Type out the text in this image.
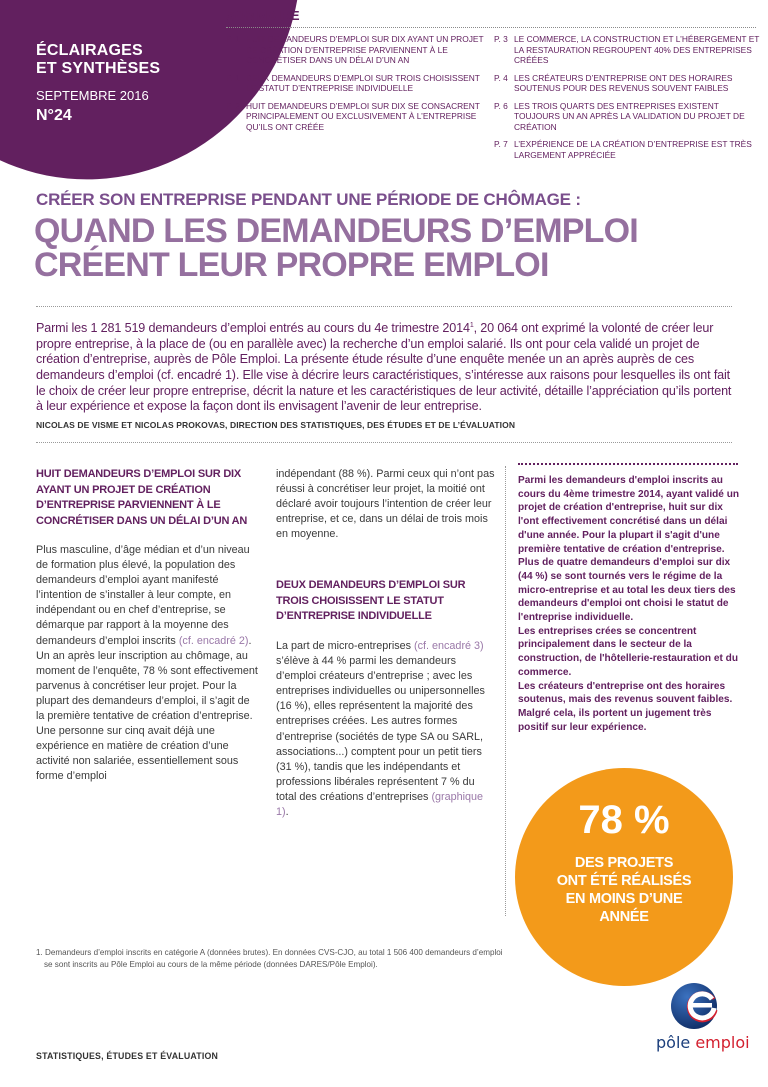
ÉCLAIRAGES
ET SYNTHÈSES
SEPTEMBRE 2016
N°24
SOMMAIRE
P. 1 HUIT DEMANDEURS D’EMPLOI SUR DIX AYANT UN PROJET DE CRÉATION D’ENTREPRISE PARVIENNENT À LE CONCRÉTISER DANS UN DÉLAI D’UN AN
P. 1 DEUX DEMANDEURS D’EMPLOI SUR TROIS CHOISISSENT LE STATUT D’ENTREPRISE INDIVIDUELLE
P. 2 HUIT DEMANDEURS D’EMPLOI SUR DIX SE CONSACRENT PRINCIPALEMENT OU EXCLUSIVEMENT À L’ENTREPRISE QU’ILS ONT CRÉÉE
P. 3 LE COMMERCE, LA CONSTRUCTION ET L’HÉBERGEMENT ET LA RESTAURATION REGROUPENT 40% DES ENTREPRISES CRÉÉES
P. 4 LES CRÉATEURS D’ENTREPRISE ONT DES HORAIRES SOUTENUS POUR DES REVENUS SOUVENT FAIBLES
P. 6 LES TROIS QUARTS DES ENTREPRISES EXISTENT TOUJOURS UN AN APRÈS LA VALIDATION DU PROJET DE CRÉATION
P. 7 L’EXPÉRIENCE DE LA CRÉATION D’ENTREPRISE EST TRÈS LARGEMENT APPRÉCIÉE
CRÉER SON ENTREPRISE PENDANT UNE PÉRIODE DE CHÔMAGE :
QUAND LES DEMANDEURS D’EMPLOI
CRÉENT LEUR PROPRE EMPLOI
Parmi les 1 281 519 demandeurs d’emploi entrés au cours du 4e trimestre 2014$^1$, 20 064 ont exprimé la volonté de créer leur propre entreprise, à la place de (ou en parallèle avec) la recherche d’un emploi salarié. Ils ont pour cela validé un projet de création d’entreprise, auprès de Pôle Emploi. La présente étude résulte d’une enquête menée un an après auprès de ces demandeurs d’emploi (cf. encadré 1). Elle vise à décrire leurs caractéristiques, s’intéresse aux raisons pour lesquelles ils ont fait le choix de créer leur propre entreprise, décrit la nature et les caractéristiques de leur activité, détaille l’appréciation qu’ils portent à leur expérience et expose la façon dont ils envisagent l’avenir de leur entreprise.
NICOLAS DE VISME ET NICOLAS PROKOVAS, DIRECTION DES STATISTIQUES, DES ÉTUDES ET DE L’ÉVALUATION
HUIT DEMANDEURS D’EMPLOI SUR DIX AYANT UN PROJET DE CRÉATION D’ENTREPRISE PARVIENNENT À LE CONCRÉTISER DANS UN DÉLAI D’UN AN
Plus masculine, d’âge médian et d’un niveau de formation plus élevé, la population des demandeurs d’emploi ayant manifesté l’intention de s’installer à leur compte, en indépendant ou en chef d’entreprise, se démarque par rapport à la moyenne des demandeurs d’emploi inscrits (cf. encadré 2).
Un an après leur inscription au chômage, au moment de l’enquête, 78 % sont effectivement parvenus à concrétiser leur projet. Pour la plupart des demandeurs d’emploi, il s’agit de la première tentative de création d’entreprise. Une personne sur cinq avait déjà une expérience en matière de création d’une activité non salariée, essentiellement sous forme d’emploi
indépendant (88 %). Parmi ceux qui n’ont pas réussi à concrétiser leur projet, la moitié ont déclaré avoir toujours l’intention de créer leur entreprise, et ce, dans un délai de trois mois en moyenne.
DEUX DEMANDEURS D’EMPLOI SUR TROIS CHOISISSENT LE STATUT D’ENTREPRISE INDIVIDUELLE
La part de micro-entreprises (cf. encadré 3) s’élève à 44 % parmi les demandeurs d’emploi créateurs d’entreprise ; avec les entreprises individuelles ou unipersonnelles (16 %), elles représentent la majorité des entreprises créées. Les autres formes d’entreprise (sociétés de type SA ou SARL, associations...) comptent pour un petit tiers (31 %), tandis que les indépendants et professions libérales représentent 7 % du total des créations d’entreprises (graphique 1).
Parmi les demandeurs d'emploi inscrits au cours du 4ème trimestre 2014, ayant validé un projet de création d'entreprise, huit sur dix l'ont effectivement concrétisé dans un délai d'une année. Pour la plupart il s'agit d'une première tentative de création d'entreprise.
Plus de quatre demandeurs d'emploi sur dix (44 %) se sont tournés vers le régime de la micro-entreprise et au total les deux tiers des demandeurs d'emploi ont choisi le statut de l'entreprise individuelle.
Les entreprises crées se concentrent principalement dans le secteur de la construction, de l'hôtellerie-restauration et du commerce.
Les créateurs d'entreprise ont des horaires soutenus, mais des revenus souvent faibles. Malgré cela, ils portent un jugement très positif sur leur expérience.
78 %
DES PROJETS
ONT ÉTÉ RÉALISÉS
EN MOINS D’UNE
ANNÉE
1. Demandeurs d’emploi inscrits en catégorie A (données brutes). En données CVS-CJO, au total 1 506 400 demandeurs d’emploi se sont inscrits au Pôle Emploi au cours de la même période (données DARES/Pôle Emploi).
STATISTIQUES, ÉTUDES ET ÉVALUATION
pôle emploi
